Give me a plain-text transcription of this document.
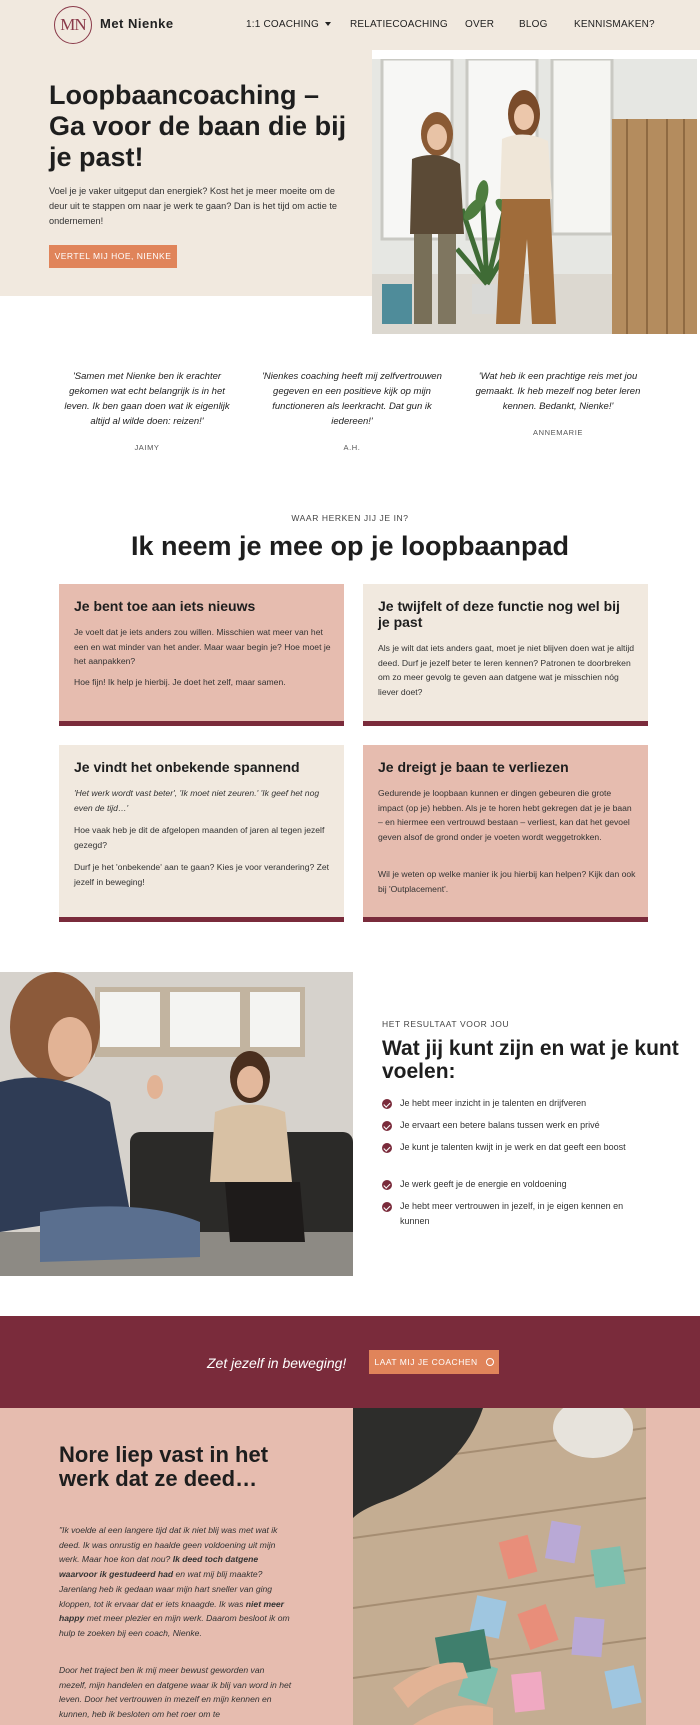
MN	Met Nienke	1:1 COACHING	RELATIECOACHING OVER BLOG	KENNISMAKEN?
Loopbaancoaching – Ga voor de baan die bij je past!

Voel je je vaker uitgeput dan energiek? Kost het je meer moeite om de deur uit te stappen om naar je werk te gaan? Dan is het tijd om actie te ondernemen!

VERTEL MIJ HOE, NIENKE

'Samen met Nienke ben ik erachter gekomen wat echt belangrijk is in het leven. Ik ben gaan doen wat ik eigenlijk altijd al wilde doen: reizen!'

JAIMY

'Nienkes coaching heeft mij zelfvertrouwen gegeven en een positieve kijk op mijn functioneren als leerkracht. Dat gun ik iedereen!'

A.H.

'Wat heb ik een prachtige reis met jou gemaakt. Ik heb mezelf nog beter leren kennen. Bedankt, Nienke!'

ANNEMARIE
WAAR HERKEN JIJ JE IN?
Ik neem je mee op je loopbaanpad
Je bent toe aan iets nieuws

Je voelt dat je iets anders zou willen. Misschien wat meer van het een en wat minder van het ander. Maar waar begin je? Hoe moet je het aanpakken?

Hoe fijn! Ik help je hierbij. Je doet het zelf, maar samen.

Je twijfelt of deze functie nog wel bij je past

Als je wilt dat iets anders gaat, moet je niet blijven doen wat je altijd deed. Durf je jezelf beter te leren kennen? Patronen te doorbreken om zo meer gevolg te geven aan datgene wat je misschien nóg liever doet?

Je vindt het onbekende spannend

'Het werk wordt vast beter', 'Ik moet niet zeuren.' 'Ik geef het nog even de tijd…'

Hoe vaak heb je dit de afgelopen maanden of jaren al tegen jezelf gezegd?

Durf je het 'onbekende' aan te gaan? Kies je voor verandering? Zet jezelf in beweging!

Je dreigt je baan te verliezen

Gedurende je loopbaan kunnen er dingen gebeuren die grote impact (op je) hebben. Als je te horen hebt gekregen dat je je baan – en hiermee een vertrouwd bestaan – verliest, kan dat het gevoel geven alsof de grond onder je voeten wordt weggetrokken.

Wil je weten op welke manier ik jou hierbij kan helpen? Kijk dan ook bij 'Outplacement'.

HET RESULTAAT VOOR JOU
Wat jij kunt zijn en wat je kunt voelen:
Je hebt meer inzicht in je talenten en drijfveren
Je ervaart een betere balans tussen werk en privé
Je kunt je talenten kwijt in je werk en dat geeft een boost
Je werk geeft je de energie en voldoening
Je hebt meer vertrouwen in jezelf, in je eigen kennen en kunnen
Zet jezelf in beweging!	LAAT MIJ JE COACHEN
Nore liep vast in het werk dat ze deed…

"Ik voelde al een langere tijd dat ik niet blij was met wat ik deed. Ik was onrustig en haalde geen voldoening uit mijn werk. Maar hoe kon dat nou? Ik deed toch datgene waarvoor ik gestudeerd had en wat mij blij maakte? Jarenlang heb ik gedaan waar mijn hart sneller van ging kloppen, tot ik ervaar dat er iets knaagde. Ik was niet meer happy met meer plezier en mijn werk. Daarom besloot ik om hulp te zoeken bij een coach, Nienke.

Door het traject ben ik mij meer bewust geworden van mezelf, mijn handelen en datgene waar ik blij van word in het leven. Door het vertrouwen in mezelf en mijn kennen en kunnen, heb ik besloten om het roer om te
